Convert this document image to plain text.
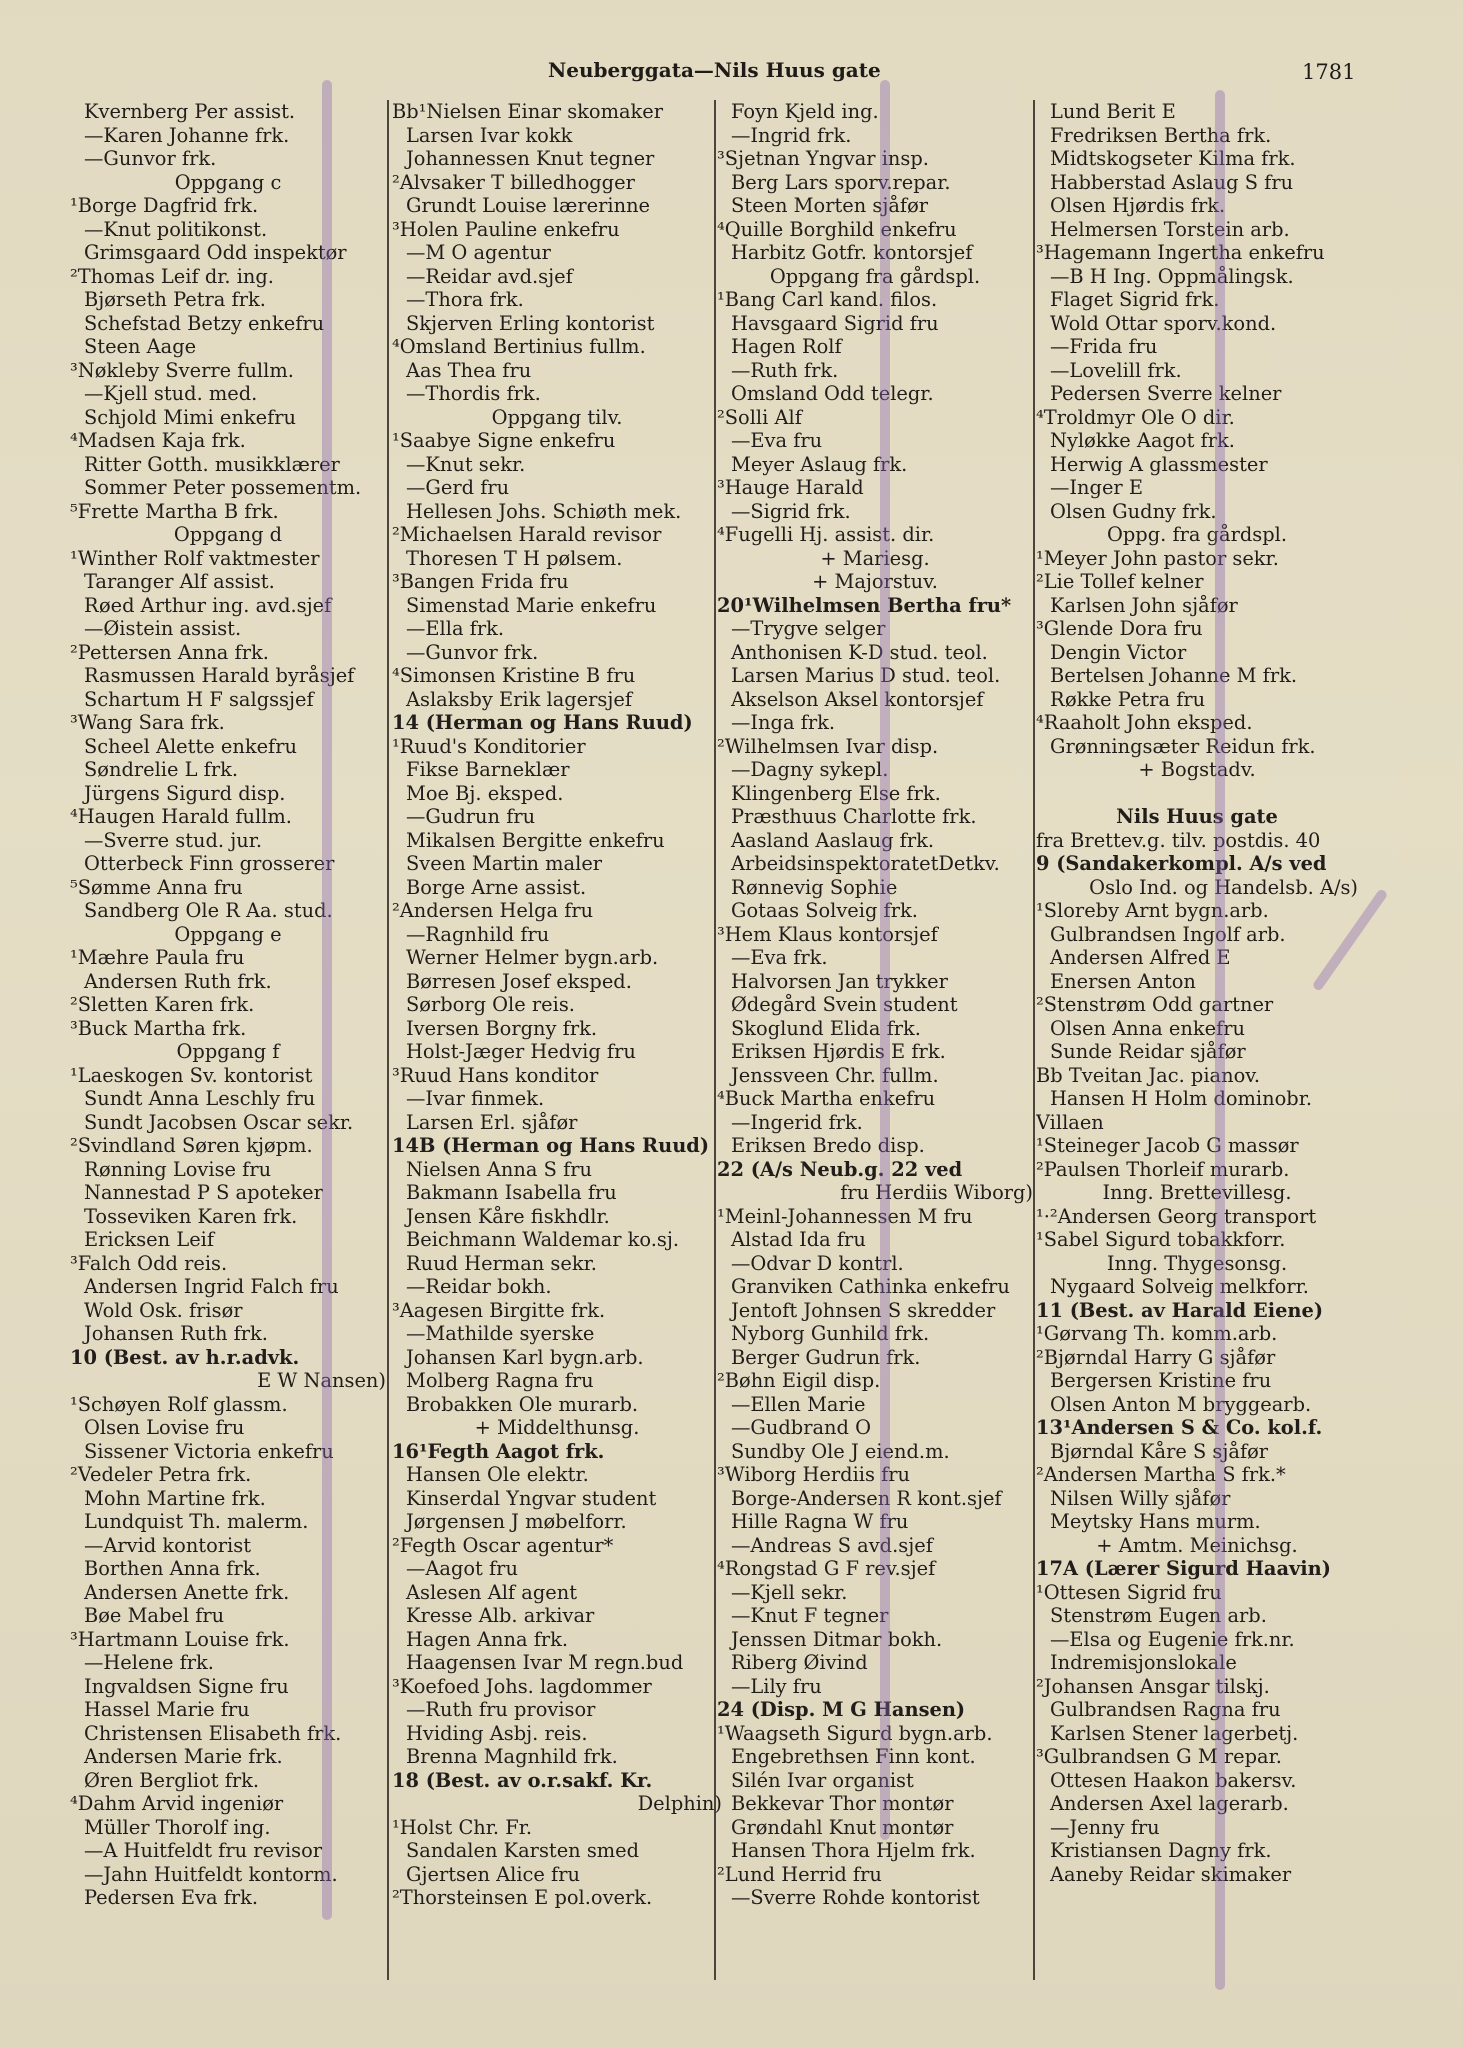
Neuberggata—Nils Huus gate	1781
Kvernberg Per assist.
—Karen Johanne frk.
—Gunvor frk.
Oppgang c
¹Borge Dagfrid frk.
—Knut politikonst.
Grimsgaard Odd inspektør
²Thomas Leif dr. ing.
Bjørseth Petra frk.
Schefstad Betzy enkefru
Steen Aage
³Nøkleby Sverre fullm.
—Kjell stud. med.
Schjold Mimi enkefru
⁴Madsen Kaja frk.
Ritter Gotth. musikklærer
Sommer Peter possementm.
⁵Frette Martha B frk.
Oppgang d
¹Winther Rolf vaktmester
Taranger Alf assist.
Røed Arthur ing. avd.sjef
—Øistein assist.
²Pettersen Anna frk.
Rasmussen Harald byråsjef
Schartum H F salgssjef
³Wang Sara frk.
Scheel Alette enkefru
Søndrelie L frk.
Jürgens Sigurd disp.
⁴Haugen Harald fullm.
—Sverre stud. jur.
Otterbeck Finn grosserer
⁵Sømme Anna fru
Sandberg Ole R Aa. stud.
Oppgang e
¹Mæhre Paula fru
Andersen Ruth frk.
²Sletten Karen frk.
³Buck Martha frk.
Oppgang f
¹Laeskogen Sv. kontorist
Sundt Anna Leschly fru
Sundt Jacobsen Oscar sekr.
²Svindland Søren kjøpm.
Rønning Lovise fru
Nannestad P S apoteker
Tosseviken Karen frk.
Ericksen Leif
³Falch Odd reis.
Andersen Ingrid Falch fru
Wold Osk. frisør
Johansen Ruth frk.
10 (Best. av h.r.advk.
E W Nansen)
¹Schøyen Rolf glassm.
Olsen Lovise fru
Sissener Victoria enkefru
²Vedeler Petra frk.
Mohn Martine frk.
Lundquist Th. malerm.
—Arvid kontorist
Borthen Anna frk.
Andersen Anette frk.
Bøe Mabel fru
³Hartmann Louise frk.
—Helene frk.
Ingvaldsen Signe fru
Hassel Marie fru
Christensen Elisabeth frk.
Andersen Marie frk.
Øren Bergliot frk.
⁴Dahm Arvid ingeniør
Müller Thorolf ing.
—A Huitfeldt fru revisor
—Jahn Huitfeldt kontorm.
Pedersen Eva frk.
Bb¹Nielsen Einar skomaker
Larsen Ivar kokk
Johannessen Knut tegner
²Alvsaker T billedhogger
Grundt Louise lærerinne
³Holen Pauline enkefru
—M O agentur
—Reidar avd.sjef
—Thora frk.
Skjerven Erling kontorist
⁴Omsland Bertinius fullm.
Aas Thea fru
—Thordis frk.
Oppgang tilv.
¹Saabye Signe enkefru
—Knut sekr.
—Gerd fru
Hellesen Johs. Schiøth mek.
²Michaelsen Harald revisor
Thoresen T H pølsem.
³Bangen Frida fru
Simenstad Marie enkefru
—Ella frk.
—Gunvor frk.
⁴Simonsen Kristine B fru
Aslaksby Erik lagersjef
14 (Herman og Hans Ruud)
¹Ruud's Konditorier
Fikse Barneklær
Moe Bj. eksped.
—Gudrun fru
Mikalsen Bergitte enkefru
Sveen Martin maler
Borge Arne assist.
²Andersen Helga fru
—Ragnhild fru
Werner Helmer bygn.arb.
Børresen Josef eksped.
Sørborg Ole reis.
Iversen Borgny frk.
Holst-Jæger Hedvig fru
³Ruud Hans konditor
—Ivar finmek.
Larsen Erl. sjåfør
14B (Herman og Hans Ruud)
Nielsen Anna S fru
Bakmann Isabella fru
Jensen Kåre fiskhdlr.
Beichmann Waldemar ko.sj.
Ruud Herman sekr.
—Reidar bokh.
³Aagesen Birgitte frk.
—Mathilde syerske
Johansen Karl bygn.arb.
Molberg Ragna fru
Brobakken Ole murarb.
+ Middelthunsg.
16¹Fegth Aagot frk.
Hansen Ole elektr.
Kinserdal Yngvar student
Jørgensen J møbelforr.
²Fegth Oscar agentur*
—Aagot fru
Aslesen Alf agent
Kresse Alb. arkivar
Hagen Anna frk.
Haagensen Ivar M regn.bud
³Koefoed Johs. lagdommer
—Ruth fru provisor
Hviding Asbj. reis.
Brenna Magnhild frk.
18 (Best. av o.r.sakf. Kr.
Delphin)
¹Holst Chr. Fr.
Sandalen Karsten smed
Gjertsen Alice fru
²Thorsteinsen E pol.overk.
Foyn Kjeld ing.
—Ingrid frk.
³Sjetnan Yngvar insp.
Berg Lars sporv.repar.
Steen Morten sjåfør
⁴Quille Borghild enkefru
Harbitz Gotfr. kontorsjef
Oppgang fra gårdspl.
¹Bang Carl kand. filos.
Havsgaard Sigrid fru
Hagen Rolf
—Ruth frk.
Omsland Odd telegr.
²Solli Alf
—Eva fru
Meyer Aslaug frk.
³Hauge Harald
—Sigrid frk.
⁴Fugelli Hj. assist. dir.
+ Mariesg.
+ Majorstuv.
20¹Wilhelmsen Bertha fru*
—Trygve selger
Anthonisen K-D stud. teol.
Larsen Marius D stud. teol.
Akselson Aksel kontorsjef
—Inga frk.
²Wilhelmsen Ivar disp.
—Dagny sykepl.
Klingenberg Else frk.
Præsthuus Charlotte frk.
Aasland Aaslaug frk.
ArbeidsinspektoratetDetkv.
Rønnevig Sophie
Gotaas Solveig frk.
³Hem Klaus kontorsjef
—Eva frk.
Halvorsen Jan trykker
Ødegård Svein student
Skoglund Elida frk.
Eriksen Hjørdis E frk.
Jenssveen Chr. fullm.
⁴Buck Martha enkefru
—Ingerid frk.
Eriksen Bredo disp.
22 (A/s Neub.g. 22 ved
fru Herdiis Wiborg)
¹Meinl-Johannessen M fru
Alstad Ida fru
—Odvar D kontrl.
Granviken Cathinka enkefru
Jentoft Johnsen S skredder
Nyborg Gunhild frk.
Berger Gudrun frk.
²Bøhn Eigil disp.
—Ellen Marie
—Gudbrand O
Sundby Ole J eiend.m.
³Wiborg Herdiis fru
Borge-Andersen R kont.sjef
Hille Ragna W fru
—Andreas S avd.sjef
⁴Rongstad G F rev.sjef
—Kjell sekr.
—Knut F tegner
Jenssen Ditmar bokh.
Riberg Øivind
—Lily fru
24 (Disp. M G Hansen)
¹Waagseth Sigurd bygn.arb.
Engebrethsen Finn kont.
Silén Ivar organist
Bekkevar Thor montør
Grøndahl Knut montør
Hansen Thora Hjelm frk.
²Lund Herrid fru
—Sverre Rohde kontorist
Lund Berit E
Fredriksen Bertha frk.
Midtskogseter Kilma frk.
Habberstad Aslaug S fru
Olsen Hjørdis frk.
Helmersen Torstein arb.
³Hagemann Ingertha enkefru
—B H Ing. Oppmålingsk.
Flaget Sigrid frk.
Wold Ottar sporv.kond.
—Frida fru
—Lovelill frk.
Pedersen Sverre kelner
⁴Troldmyr Ole O dir.
Nyløkke Aagot frk.
Herwig A glassmester
—Inger E
Olsen Gudny frk.
Oppg. fra gårdspl.
¹Meyer John pastor sekr.
²Lie Tollef kelner
Karlsen John sjåfør
³Glende Dora fru
Dengin Victor
Bertelsen Johanne M frk.
Røkke Petra fru
⁴Raaholt John eksped.
Grønningsæter Reidun frk.
+ Bogstadv.
Nils Huus gate
fra Brettev.g. tilv. postdis. 40
9 (Sandakerkompl. A/s ved
Oslo Ind. og Handelsb. A/s)
¹Sloreby Arnt bygn.arb.
Gulbrandsen Ingolf arb.
Andersen Alfred E
Enersen Anton
²Stenstrøm Odd gartner
Olsen Anna enkefru
Sunde Reidar sjåfør
Bb Tveitan Jac. pianov.
Hansen H Holm dominobr.
Villaen
¹Steineger Jacob G massør
²Paulsen Thorleif murarb.
Inng. Brettevillesg.
¹·²Andersen Georg transport
¹Sabel Sigurd tobakkforr.
Inng. Thygesonsg.
Nygaard Solveig melkforr.
11 (Best. av Harald Eiene)
¹Gørvang Th. komm.arb.
²Bjørndal Harry G sjåfør
Bergersen Kristine fru
Olsen Anton M bryggearb.
13¹Andersen S & Co. kol.f.
Bjørndal Kåre S sjåfør
²Andersen Martha S frk.*
Nilsen Willy sjåfør
Meytsky Hans murm.
+ Amtm. Meinichsg.
17A (Lærer Sigurd Haavin)
¹Ottesen Sigrid fru
Stenstrøm Eugen arb.
—Elsa og Eugenie frk.nr.
Indremisjonslokale
²Johansen Ansgar tilskj.
Gulbrandsen Ragna fru
Karlsen Stener lagerbetj.
³Gulbrandsen G M repar.
Ottesen Haakon bakersv.
Andersen Axel lagerarb.
—Jenny fru
Kristiansen Dagny frk.
Aaneby Reidar skimaker
